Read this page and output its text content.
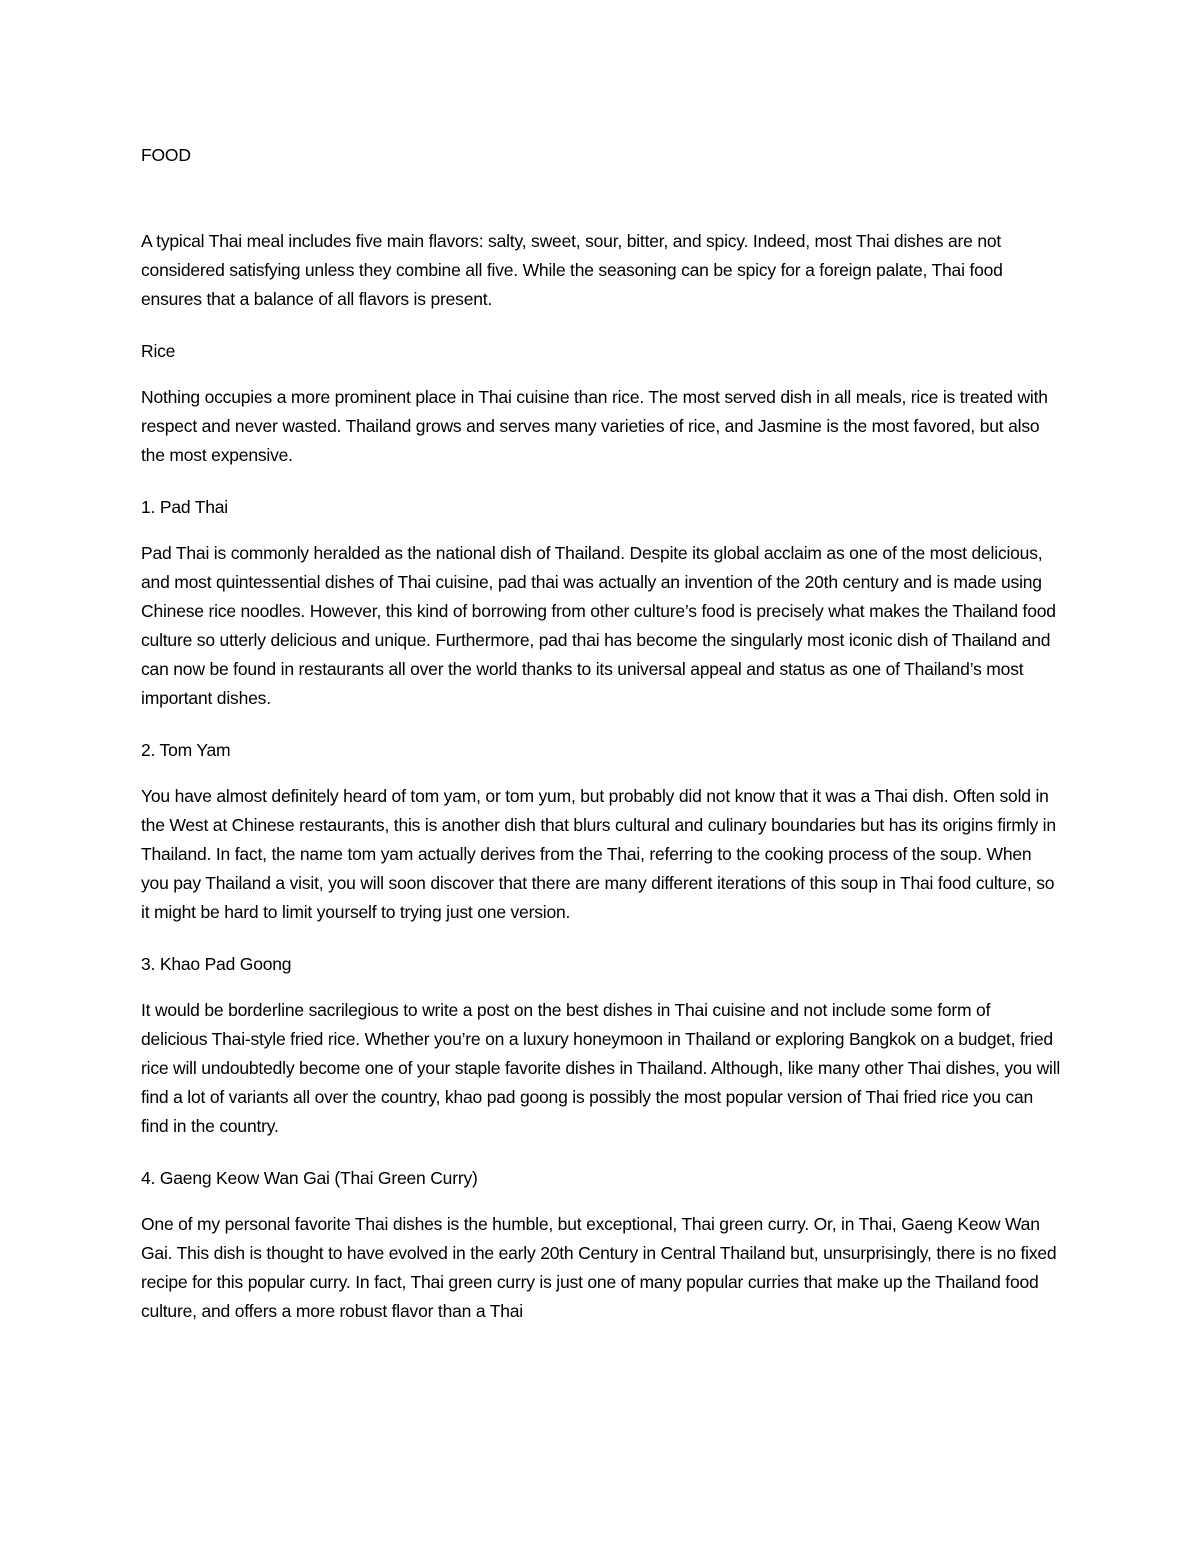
FOOD

A typical Thai meal includes five main flavors: salty, sweet, sour, bitter, and spicy. Indeed, most Thai dishes are not considered satisfying unless they combine all five. While the seasoning can be spicy for a foreign palate, Thai food ensures that a balance of all flavors is present.

Rice

Nothing occupies a more prominent place in Thai cuisine than rice. The most served dish in all meals, rice is treated with respect and never wasted. Thailand grows and serves many varieties of rice, and Jasmine is the most favored, but also the most expensive.

1. Pad Thai

Pad Thai is commonly heralded as the national dish of Thailand. Despite its global acclaim as one of the most delicious, and most quintessential dishes of Thai cuisine, pad thai was actually an invention of the 20th century and is made using Chinese rice noodles. However, this kind of borrowing from other culture’s food is precisely what makes the Thailand food culture so utterly delicious and unique. Furthermore, pad thai has become the singularly most iconic dish of Thailand and can now be found in restaurants all over the world thanks to its universal appeal and status as one of Thailand’s most important dishes.

2. Tom Yam

You have almost definitely heard of tom yam, or tom yum, but probably did not know that it was a Thai dish. Often sold in the West at Chinese restaurants, this is another dish that blurs cultural and culinary boundaries but has its origins firmly in Thailand. In fact, the name tom yam actually derives from the Thai, referring to the cooking process of the soup. When you pay Thailand a visit, you will soon discover that there are many different iterations of this soup in Thai food culture, so it might be hard to limit yourself to trying just one version.

3. Khao Pad Goong

It would be borderline sacrilegious to write a post on the best dishes in Thai cuisine and not include some form of delicious Thai-style fried rice. Whether you’re on a luxury honeymoon in Thailand or exploring Bangkok on a budget, fried rice will undoubtedly become one of your staple favorite dishes in Thailand. Although, like many other Thai dishes, you will find a lot of variants all over the country, khao pad goong is possibly the most popular version of Thai fried rice you can find in the country.

4. Gaeng Keow Wan Gai (Thai Green Curry)

One of my personal favorite Thai dishes is the humble, but exceptional, Thai green curry. Or, in Thai, Gaeng Keow Wan Gai. This dish is thought to have evolved in the early 20th Century in Central Thailand but, unsurprisingly, there is no fixed recipe for this popular curry. In fact, Thai green curry is just one of many popular curries that make up the Thailand food culture, and offers a more robust flavor than a Thai
